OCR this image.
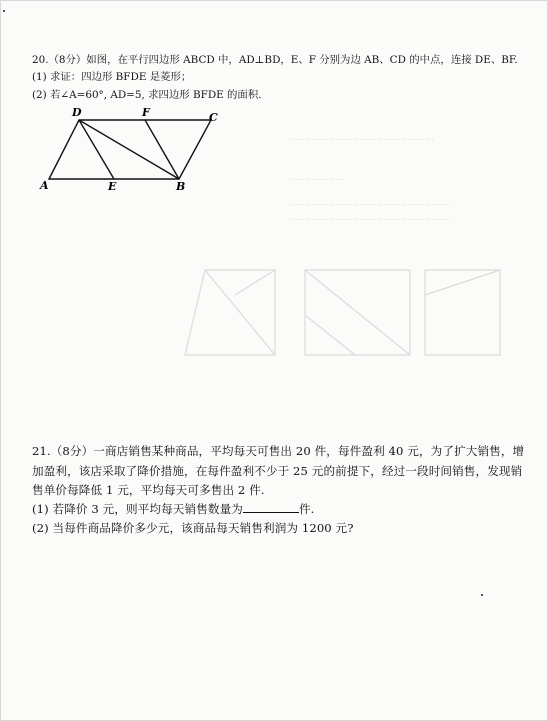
⋯⋯⋯⋯⋯⋯⋯⋯⋯⋯⋯⋯⋯⋯⋯⋯
⋯⋯⋯⋯⋯⋯
⋯⋯⋯⋯⋯⋯⋯⋯⋯⋯⋯⋯⋯⋯⋯⋯⋯⋯
⋯⋯⋯⋯⋯⋯⋯⋯⋯⋯⋯⋯⋯⋯⋯⋯⋯⋯
20.（8分）如图，在平行四边形 ABCD 中，AD⊥BD，E、F 分别为边 AB、CD 的中点，连接 DE、BF.
(1) 求证：四边形 BFDE 是菱形；
(2) 若∠A=60°, AD=5, 求四边形 BFDE 的面积.
D	F	C
A	E	B
21.（8分）一商店销售某种商品，平均每天可售出 20 件，每件盈利 40 元，为了扩大销售，增
加盈利，该店采取了降价措施，在每件盈利不少于 25 元的前提下，经过一段时间销售，发现销
售单价每降低 1 元，平均每天可多售出 2 件.
(1) 若降价 3 元，则平均每天销售数量为	件.
(2) 当每件商品降价多少元，该商品每天销售利润为 1200 元?
